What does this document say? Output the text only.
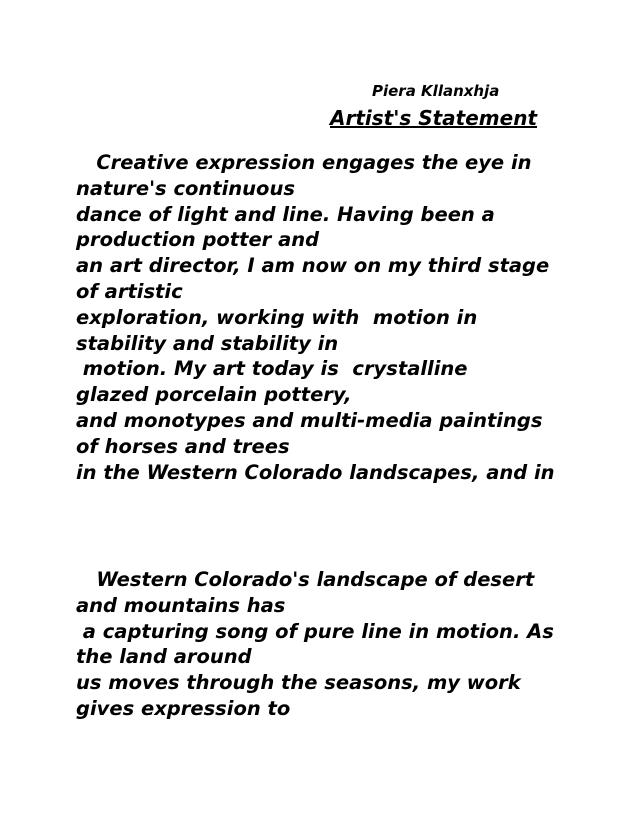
Piera Kllanxhja
Artist's Statement
Creative expression engages the eye in
nature's continuous
dance of light and line. Having been a
production potter and
an art director, I am now on my third stage
of artistic
exploration, working with  motion in
stability and stability in
motion. My art today is  crystalline
glazed porcelain pottery,
and monotypes and multi-media paintings
of horses and trees
in the Western Colorado landscapes, and in
Western Colorado's landscape of desert
and mountains has
a capturing song of pure line in motion. As
the land around
us moves through the seasons, my work
gives expression to
